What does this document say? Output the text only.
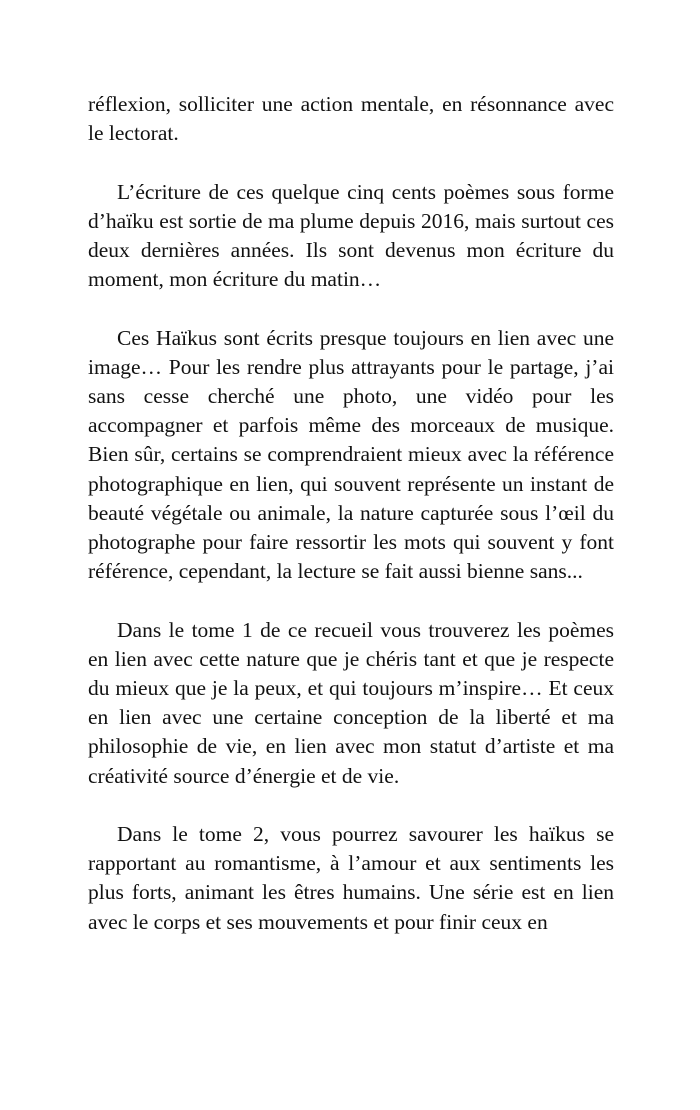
réflexion, solliciter une action mentale, en résonnance avec le lectorat.

L’écriture de ces quelque cinq cents poèmes sous forme d’haïku est sortie de ma plume depuis 2016, mais surtout ces deux dernières années. Ils sont devenus mon écriture du moment, mon écriture du matin…

Ces Haïkus sont écrits presque toujours en lien avec une image… Pour les rendre plus attrayants pour le partage, j’ai sans cesse cherché une photo, une vidéo pour les accompagner et parfois même des morceaux de musique. Bien sûr, certains se comprendraient mieux avec la référence photographique en lien, qui souvent représente un instant de beauté végétale ou animale, la nature capturée sous l’œil du photographe pour faire ressortir les mots qui souvent y font référence, cependant, la lecture se fait aussi bienne sans...

Dans le tome 1 de ce recueil vous trouverez les poèmes en lien avec cette nature que je chéris tant et que je respecte du mieux que je la peux, et qui toujours m’inspire… Et ceux en lien avec une certaine conception de la liberté et ma philosophie de vie, en lien avec mon statut d’artiste et ma créativité source d’énergie et de vie.

Dans le tome 2, vous pourrez savourer les haïkus se rapportant au romantisme, à l’amour et aux sentiments les plus forts, animant les êtres humains. Une série est en lien avec le corps et ses mouvements et pour finir ceux en
